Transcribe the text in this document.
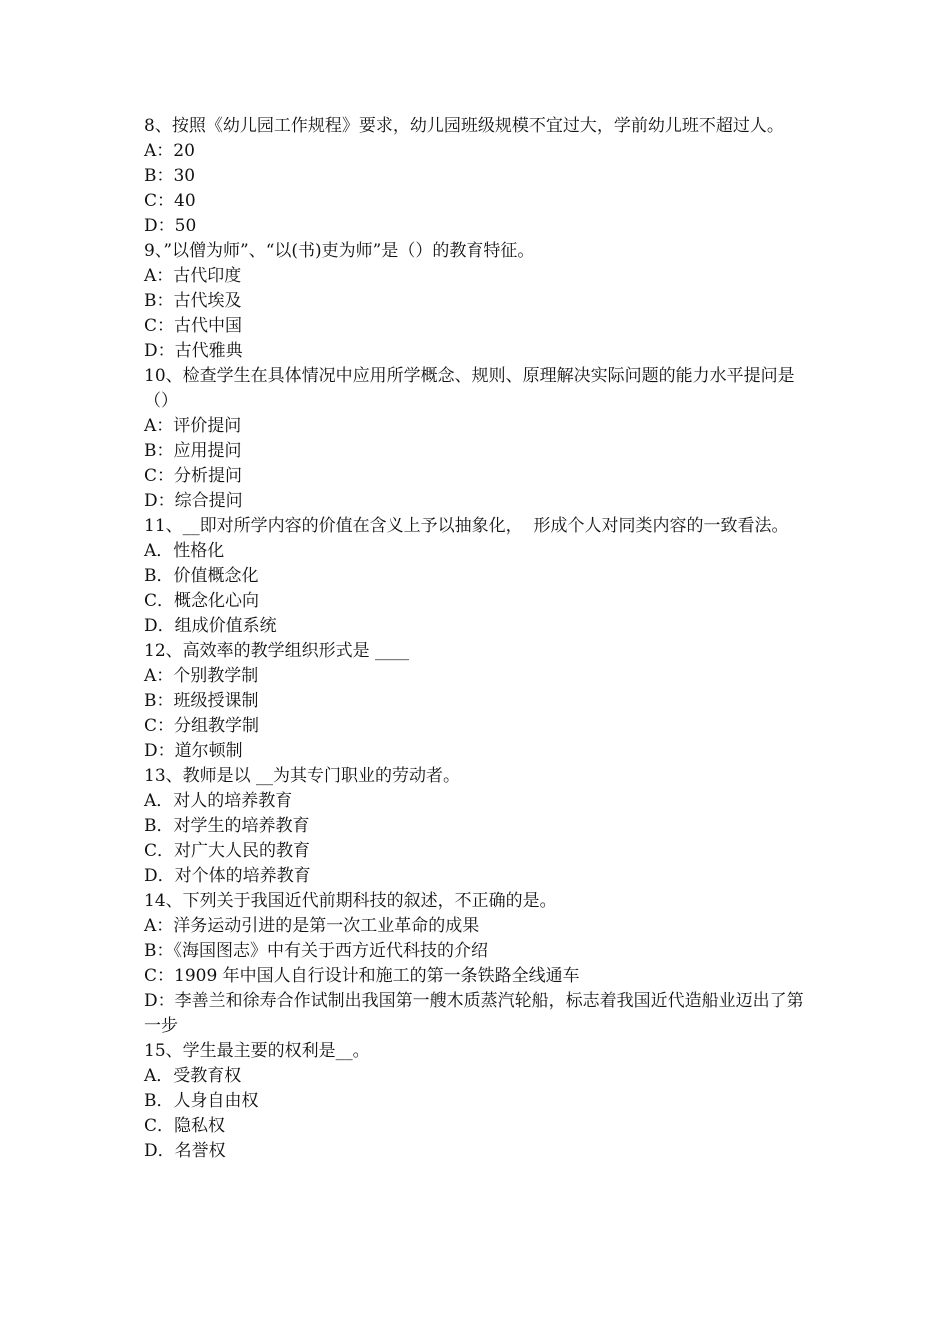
8、按照《幼儿园工作规程》要求，幼儿园班级规模不宜过大，学前幼儿班不超过人。
A：20
B：30
C：40
D：50
9、”以僧为师”、“以(书)吏为师”是（）的教育特征。
A：古代印度
B：古代埃及
C：古代中国
D：古代雅典
10、检查学生在具体情况中应用所学概念、规则、原理解决实际问题的能力水平提问是（）
A：评价提问
B：应用提问
C：分析提问
D：综合提问
11、__即对所学内容的价值在含义上予以抽象化，  形成个人对同类内容的一致看法。
A．性格化
B．价值概念化
C．概念化心向
D．组成价值系统
12、高效率的教学组织形式是 ____
A：个别教学制
B：班级授课制
C：分组教学制
D：道尔顿制
13、教师是以 __为其专门职业的劳动者。
A．对人的培养教育
B．对学生的培养教育
C．对广大人民的教育
D．对个体的培养教育
14、下列关于我国近代前期科技的叙述，不正确的是。
A：洋务运动引进的是第一次工业革命的成果
B：《海国图志》中有关于西方近代科技的介绍
C：1909 年中国人自行设计和施工的第一条铁路全线通车
D：李善兰和徐寿合作试制出我国第一艘木质蒸汽轮船，标志着我国近代造船业迈出了第一步
15、学生最主要的权利是__。
A．受教育权
B．人身自由权
C．隐私权
D．名誉权
